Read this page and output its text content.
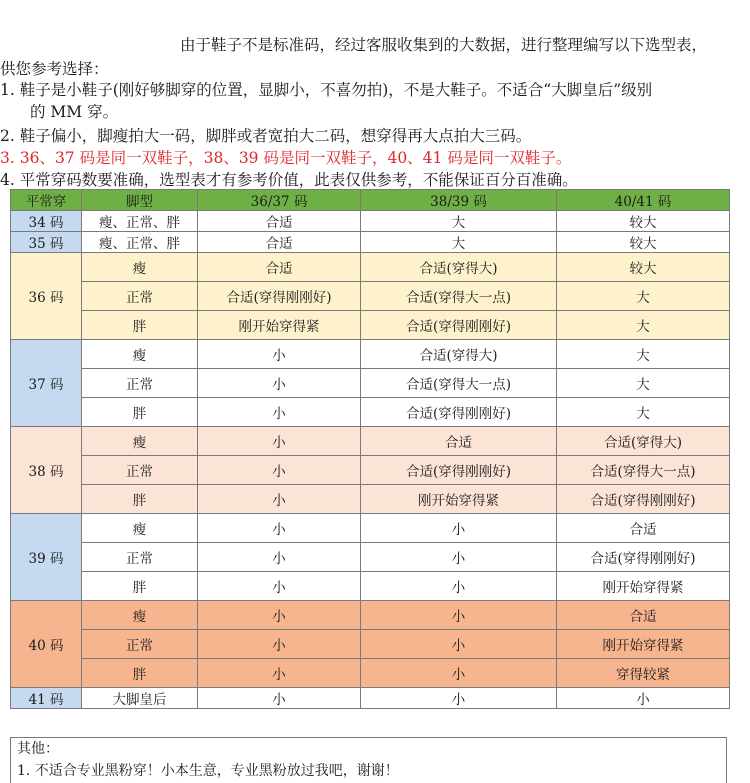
由于鞋子不是标准码，经过客服收集到的大数据，进行整理编写以下选型表，
供您参考选择：
1. 鞋子是小鞋子(刚好够脚穿的位置，显脚小，不喜勿拍)，不是大鞋子。不适合“大脚皇后”级别
的 MM 穿。
2. 鞋子偏小，脚瘦拍大一码，脚胖或者宽拍大二码，想穿得再大点拍大三码。
3. 36、37 码是同一双鞋子，38、39 码是同一双鞋子，40、41 码是同一双鞋子。
4. 平常穿码数要准确，选型表才有参考价值，此表仅供参考，不能保证百分百准确。
平常穿	脚型	36/37 码	38/39 码	40/41 码
34 码	瘦、正常、胖	合适	大	较大
35 码	瘦、正常、胖	合适	大	较大
36 码	瘦	合适	合适(穿得大)	较大
	正常	合适(穿得刚刚好)	合适(穿得大一点)	大
	胖	刚开始穿得紧	合适(穿得刚刚好)	大
37 码	瘦	小	合适(穿得大)	大
	正常	小	合适(穿得大一点)	大
	胖	小	合适(穿得刚刚好)	大
38 码	瘦	小	合适	合适(穿得大)
	正常	小	合适(穿得刚刚好)	合适(穿得大一点)
	胖	小	刚开始穿得紧	合适(穿得刚刚好)
39 码	瘦	小	小	合适
	正常	小	小	合适(穿得刚刚好)
	胖	小	小	刚开始穿得紧
40 码	瘦	小	小	合适
	正常	小	小	刚开始穿得紧
	胖	小	小	穿得较紧
41 码	大脚皇后	小	小	小
其他：
1. 不适合专业黑粉穿！小本生意，专业黑粉放过我吧，谢谢！
